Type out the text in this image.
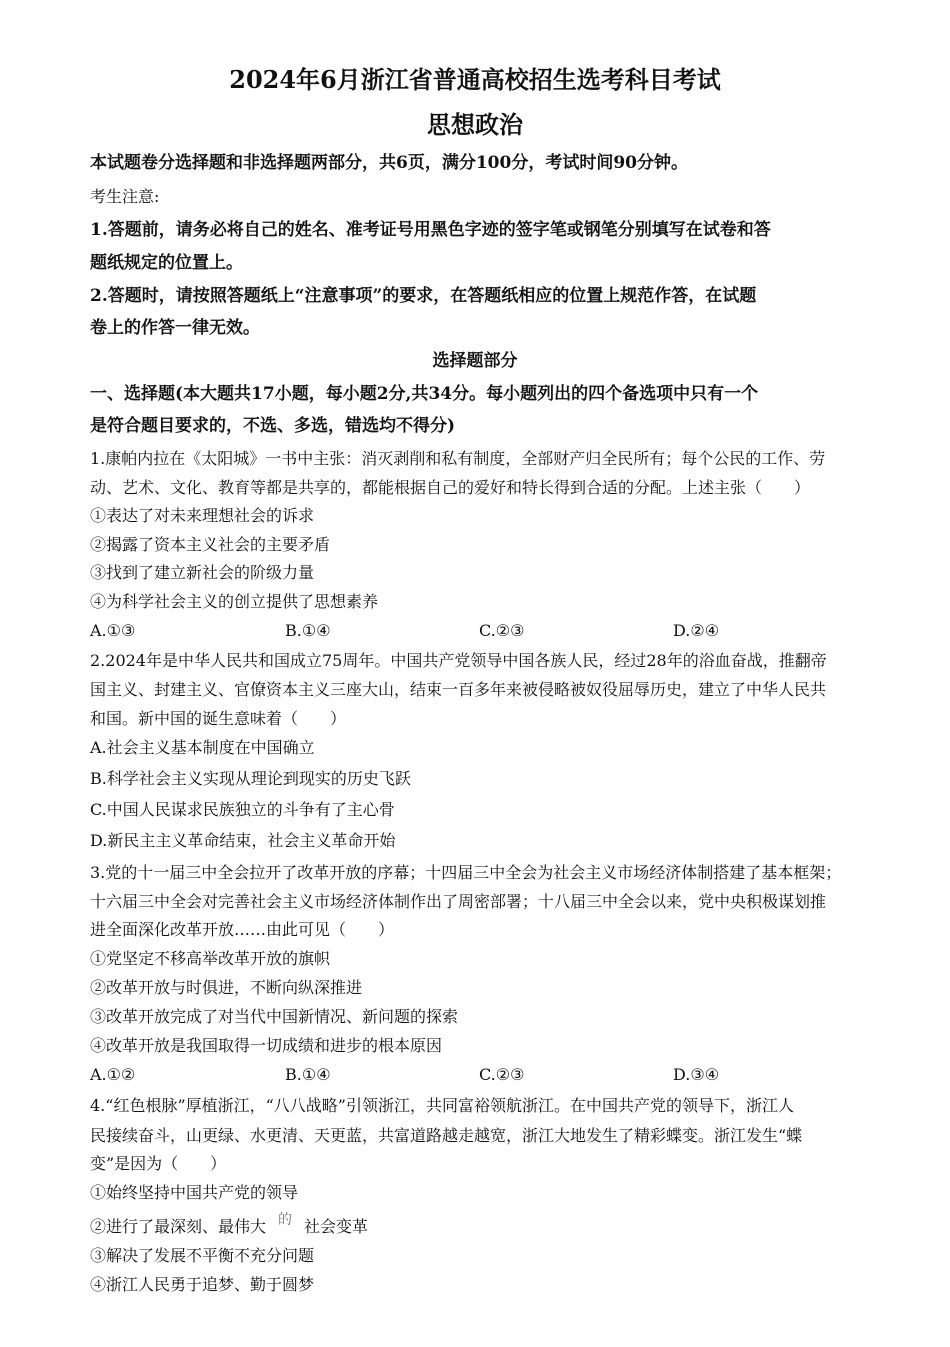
2024年6月浙江省普通高校招生选考科目考试
思想政治
本试题卷分选择题和非选择题两部分，共6页，满分100分，考试时间90分钟。
考生注意:
1.答题前，请务必将自己的姓名、准考证号用黑色字迹的签字笔或钢笔分别填写在试卷和答
题纸规定的位置上。
2.答题时，请按照答题纸上“注意事项”的要求，在答题纸相应的位置上规范作答，在试题
卷上的作答一律无效。
选择题部分
一、选择题(本大题共17小题，每小题2分,共34分。每小题列出的四个备选项中只有一个
是符合题目要求的，不选、多选，错选均不得分)
1.康帕内拉在《太阳城》一书中主张：消灭剥削和私有制度，全部财产归全民所有；每个公民的工作、劳
动、艺术、文化、教育等都是共享的，都能根据自己的爱好和特长得到合适的分配。上述主张（　　）
①表达了对未来理想社会的诉求
②揭露了资本主义社会的主要矛盾
③找到了建立新社会的阶级力量
④为科学社会主义的创立提供了思想素养
A.①③	B.①④	C.②③	D.②④
2.2024年是中华人民共和国成立75周年。中国共产党领导中国各族人民，经过28年的浴血奋战，推翻帝
国主义、封建主义、官僚资本主义三座大山，结束一百多年来被侵略被奴役屈辱历史，建立了中华人民共
和国。新中国的诞生意味着（　　）
A.社会主义基本制度在中国确立
B.科学社会主义实现从理论到现实的历史飞跃
C.中国人民谋求民族独立的斗争有了主心骨
D.新民主主义革命结束，社会主义革命开始
3.党的十一届三中全会拉开了改革开放的序幕；十四届三中全会为社会主义市场经济体制搭建了基本框架；
十六届三中全会对完善社会主义市场经济体制作出了周密部署；十八届三中全会以来，党中央积极谋划推
进全面深化改革开放……由此可见（　　）
①党坚定不移高举改革开放的旗帜
②改革开放与时俱进，不断向纵深推进
③改革开放完成了对当代中国新情况、新问题的探索
④改革开放是我国取得一切成绩和进步的根本原因
A.①②	B.①④	C.②③	D.③④
4.“红色根脉”厚植浙江，“八八战略”引领浙江，共同富裕领航浙江。在中国共产党的领导下，浙江人
民接续奋斗，山更绿、水更清、天更蓝，共富道路越走越宽，浙江大地发生了精彩蝶变。浙江发生“蝶
变”是因为（　　）
①始终坚持中国共产党的领导
②进行了最深刻、最伟大 的 社会变革
③解决了发展不平衡不充分问题
④浙江人民勇于追梦、勤于圆梦
